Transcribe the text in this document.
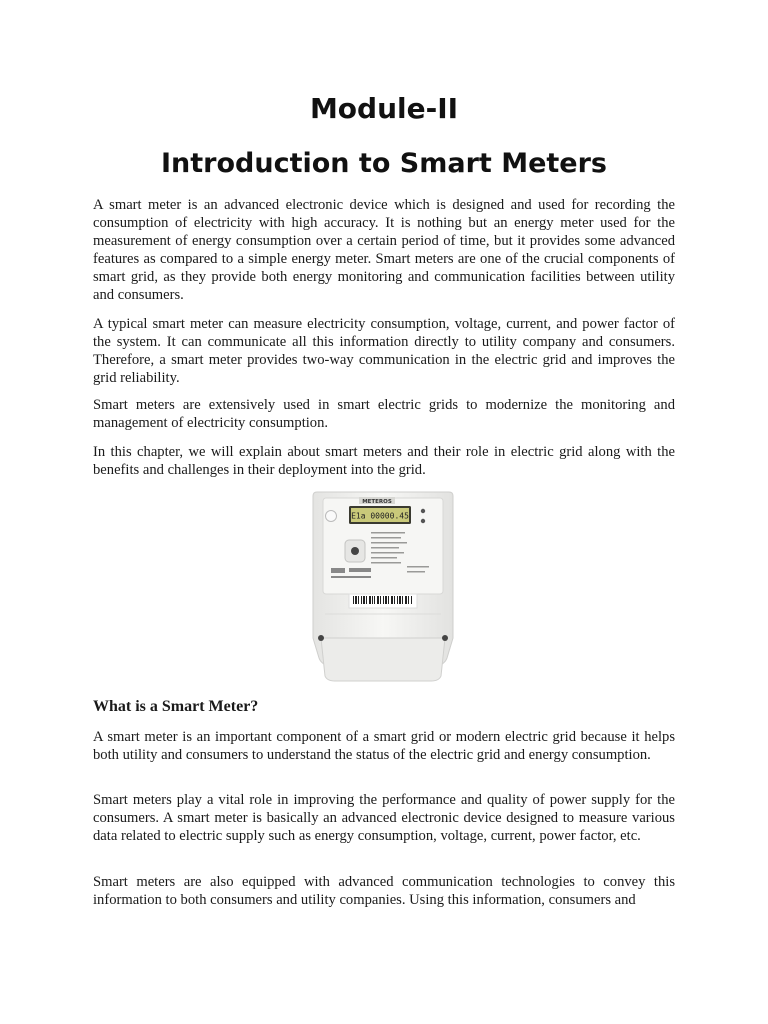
Module-II
Introduction to Smart Meters

A smart meter is an advanced electronic device which is designed and used for recording the consumption of electricity with high accuracy. It is nothing but an energy meter used for the measurement of energy consumption over a certain period of time, but it provides some advanced features as compared to a simple energy meter. Smart meters are one of the crucial components of smart grid, as they provide both energy monitoring and communication facilities between utility and consumers.

A typical smart meter can measure electricity consumption, voltage, current, and power factor of the system. It can communicate all this information directly to utility company and consumers. Therefore, a smart meter provides two-way communication in the electric grid and improves the grid reliability.

Smart meters are extensively used in smart electric grids to modernize the monitoring and management of electricity consumption.

In this chapter, we will explain about smart meters and their role in electric grid along with the benefits and challenges in their deployment into the grid.

METEROS
E1a 00000.45
What is a Smart Meter?

A smart meter is an important component of a smart grid or modern electric grid because it helps both utility and consumers to understand the status of the electric grid and energy consumption.

Smart meters play a vital role in improving the performance and quality of power supply for the consumers. A smart meter is basically an advanced electronic device designed to measure various data related to electric supply such as energy consumption, voltage, current, power factor, etc.

Smart meters are also equipped with advanced communication technologies to convey this information to both consumers and utility companies. Using this information, consumers and
